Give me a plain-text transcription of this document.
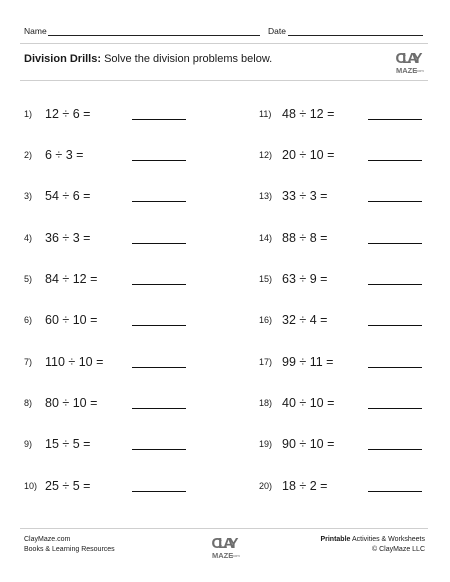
Name	Date
Division Drills: Solve the division problems below.	CLAY
MAZE
.com
1) 12 ÷ 6 =
2) 6 ÷ 3 =
3) 54 ÷ 6 =
4) 36 ÷ 3 =
5) 84 ÷ 12 =
6) 60 ÷ 10 =
7) 110 ÷ 10 =
8) 80 ÷ 10 =
9) 15 ÷ 5 =
10) 25 ÷ 5 =
11) 48 ÷ 12 =
12) 20 ÷ 10 =
13) 33 ÷ 3 =
14) 88 ÷ 8 =
15) 63 ÷ 9 =
16) 32 ÷ 4 =
17) 99 ÷ 11 =
18) 40 ÷ 10 =
19) 90 ÷ 10 =
20) 18 ÷ 2 =
ClayMaze.com
Books & Learning Resources	CLAY
MAZE
.com
Printable Activities & Worksheets
© ClayMaze LLC
